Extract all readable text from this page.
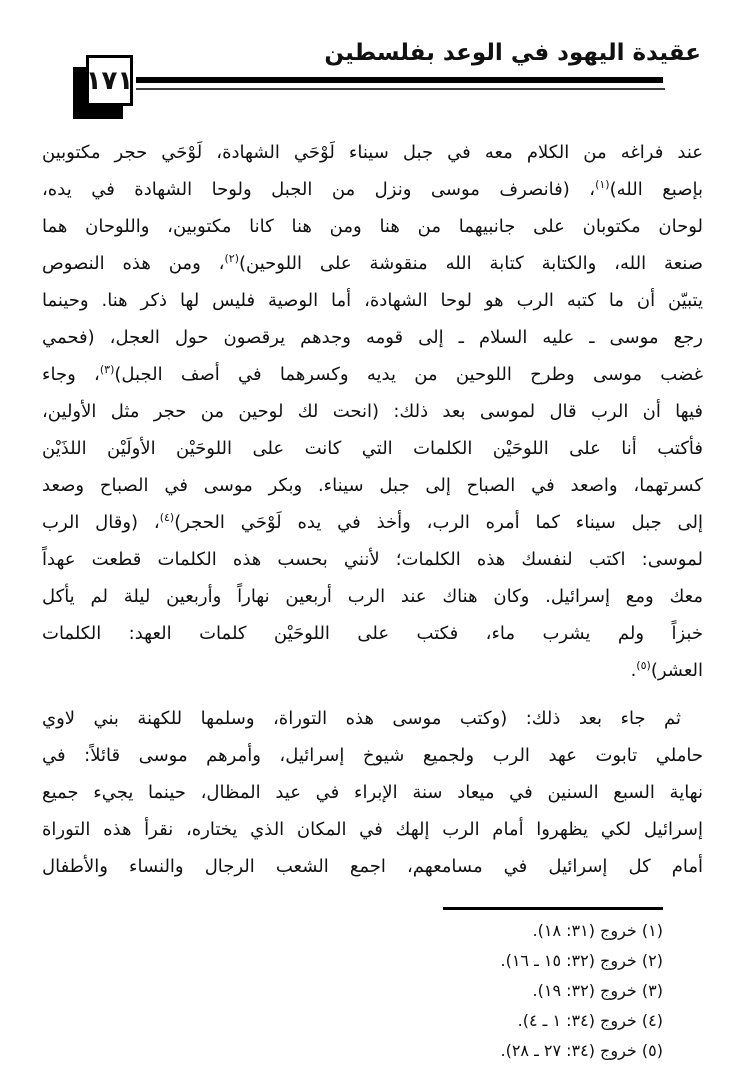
عقيدة اليهود في الوعد بفلسطين
١٧١
عند فراغه من الكلام معه في جبل سيناء لَوْحَي الشهادة، لَوْحَي حجر مكتوبين
بإصبع الله)$^{(١)}$، (فانصرف موسى ونزل من الجبل ولوحا الشهادة في يده،
لوحان مكتوبان على جانبيهما من هنا ومن هنا كانا مكتوبين، واللوحان هما
صنعة الله، والكتابة كتابة الله منقوشة على اللوحين)$^{(٢)}$، ومن هذه النصوص
يتبيّن أن ما كتبه الرب هو لوحا الشهادة، أما الوصية فليس لها ذكر هنا. وحينما
رجع موسى ـ عليه السلام ـ إلى قومه وجدهم يرقصون حول العجل، (فحمي
غضب موسى وطرح اللوحين من يديه وكسرهما في أصف الجبل)$^{(٣)}$، وجاء
فيها أن الرب قال لموسى بعد ذلك: (انحت لك لوحين من حجر مثل الأولين،
فأكتب أنا على اللوحَيْن الكلمات التي كانت على اللوحَيْن الأولَيْن اللذَيْن
كسرتهما، واصعد في الصباح إلى جبل سيناء. وبكر موسى في الصباح وصعد
إلى جبل سيناء كما أمره الرب، وأخذ في يده لَوْحَي الحجر)$^{(٤)}$، (وقال الرب
لموسى: اكتب لنفسك هذه الكلمات؛ لأنني بحسب هذه الكلمات قطعت عهداً
معك ومع إسرائيل. وكان هناك عند الرب أربعين نهاراً وأربعين ليلة لم يأكل
خبزاً ولم يشرب ماء، فكتب على اللوحَيْن كلمات العهد: الكلمات
العشر)$^{(٥)}$.
ثم جاء بعد ذلك: (وكتب موسى هذه التوراة، وسلمها للكهنة بني لاوي
حاملي تابوت عهد الرب ولجميع شيوخ إسرائيل، وأمرهم موسى قائلاً: في
نهاية السبع السنين في ميعاد سنة الإبراء في عيد المظال، حينما يجيء جميع
إسرائيل لكي يظهروا أمام الرب إلهك في المكان الذي يختاره، نقرأ هذه التوراة
أمام كل إسرائيل في مسامعهم، اجمع الشعب الرجال والنساء والأطفال
(١) خروج (٣١: ١٨).
(٢) خروج (٣٢: ١٥ ـ ١٦).
(٣) خروج (٣٢: ١٩).
(٤) خروج (٣٤: ١ ـ ٤).
(٥) خروج (٣٤: ٢٧ ـ ٢٨).
